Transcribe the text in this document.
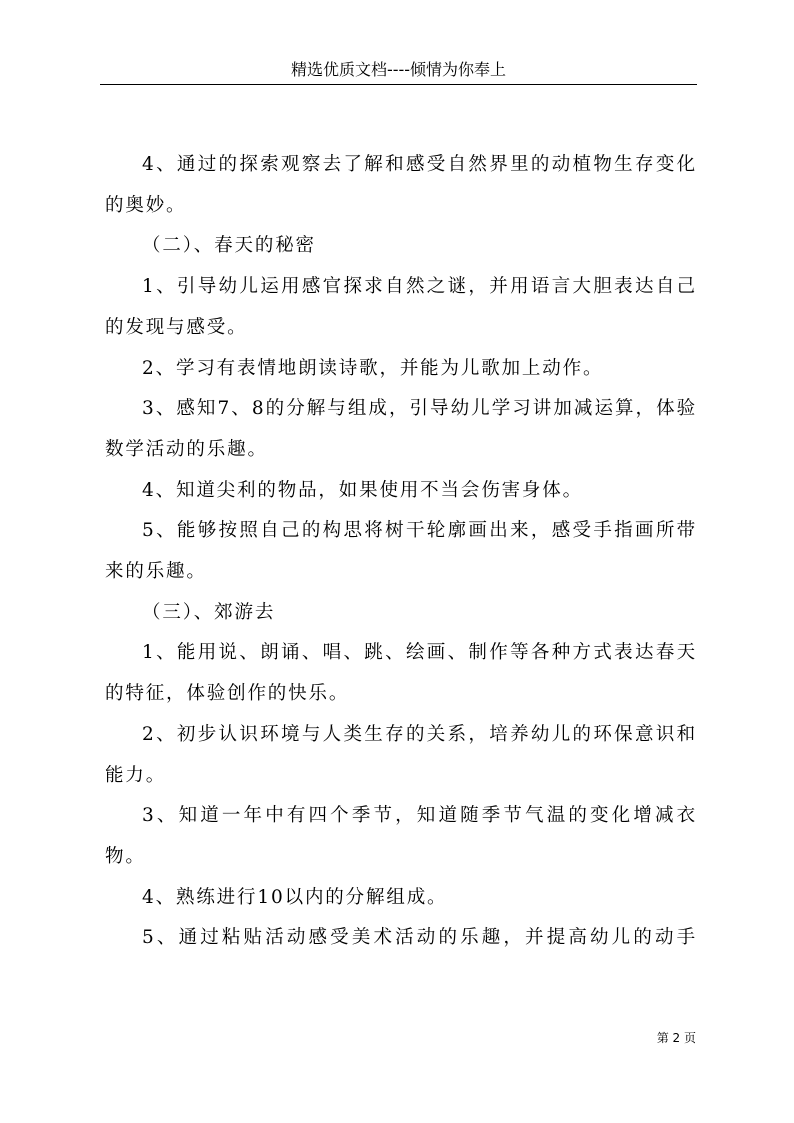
精选优质文档----倾情为你奉上

4、通过的探索观察去了解和感受自然界里的动植物生存变化的奥妙。

（二）、春天的秘密

1、引导幼儿运用感官探求自然之谜，并用语言大胆表达自己的发现与感受。

2、学习有表情地朗读诗歌，并能为儿歌加上动作。

3、感知7、8的分解与组成，引导幼儿学习讲加减运算，体验数学活动的乐趣。

4、知道尖利的物品，如果使用不当会伤害身体。

5、能够按照自己的构思将树干轮廓画出来，感受手指画所带来的乐趣。

（三）、郊游去

1、能用说、朗诵、唱、跳、绘画、制作等各种方式表达春天的特征，体验创作的快乐。

2、初步认识环境与人类生存的关系，培养幼儿的环保意识和能力。

3、知道一年中有四个季节，知道随季节气温的变化增减衣物。

4、熟练进行10以内的分解组成。

5、通过粘贴活动感受美术活动的乐趣，并提高幼儿的动手

第 2 页
